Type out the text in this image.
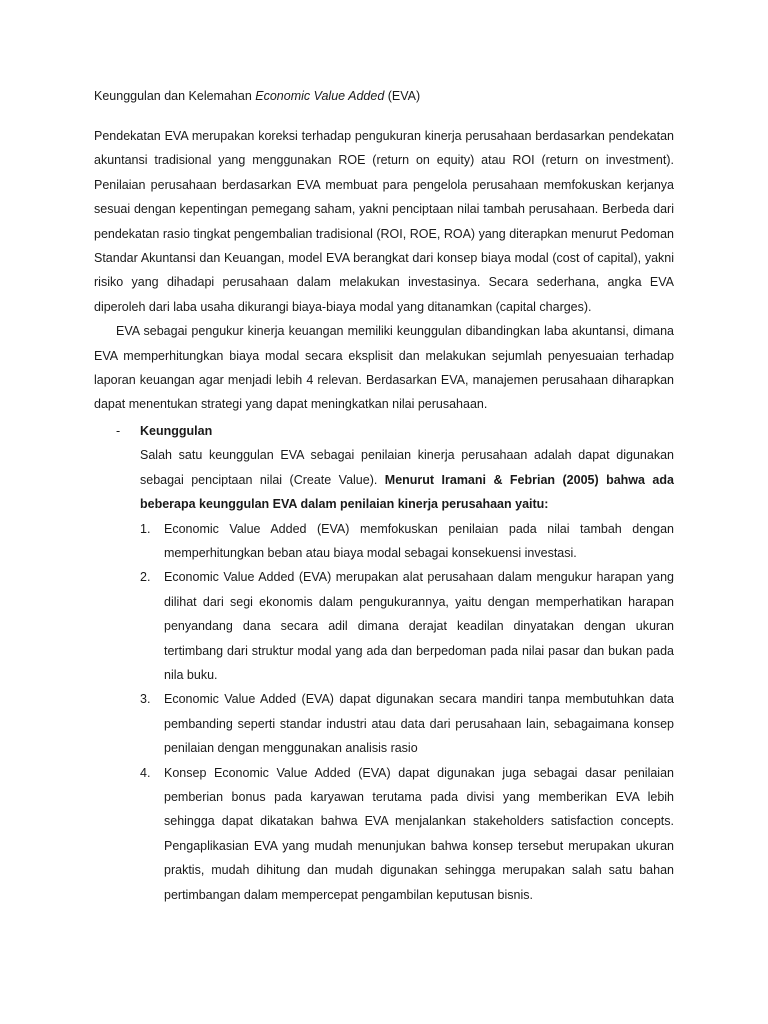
Keunggulan dan Kelemahan Economic Value Added (EVA)

Pendekatan EVA merupakan koreksi terhadap pengukuran kinerja perusahaan berdasarkan pendekatan akuntansi tradisional yang menggunakan ROE (return on equity) atau ROI (return on investment). Penilaian perusahaan berdasarkan EVA membuat para pengelola perusahaan memfokuskan kerjanya sesuai dengan kepentingan pemegang saham, yakni penciptaan nilai tambah perusahaan. Berbeda dari pendekatan rasio tingkat pengembalian tradisional (ROI, ROE, ROA) yang diterapkan menurut Pedoman Standar Akuntansi dan Keuangan, model EVA berangkat dari konsep biaya modal (cost of capital), yakni risiko yang dihadapi perusahaan dalam melakukan investasinya. Secara sederhana, angka EVA diperoleh dari laba usaha dikurangi biaya-biaya modal yang ditanamkan (capital charges).

EVA sebagai pengukur kinerja keuangan memiliki keunggulan dibandingkan laba akuntansi, dimana EVA memperhitungkan biaya modal secara eksplisit dan melakukan sejumlah penyesuaian terhadap laporan keuangan agar menjadi lebih 4 relevan. Berdasarkan EVA, manajemen perusahaan diharapkan dapat menentukan strategi yang dapat meningkatkan nilai perusahaan.

-	Keunggulan

Salah satu keunggulan EVA sebagai penilaian kinerja perusahaan adalah dapat digunakan sebagai penciptaan nilai (Create Value). Menurut Iramani & Febrian (2005) bahwa ada beberapa keunggulan EVA dalam penilaian kinerja perusahaan yaitu:

1.	Economic Value Added (EVA) memfokuskan penilaian pada nilai tambah dengan memperhitungkan beban atau biaya modal sebagai konsekuensi investasi.

2.	Economic Value Added (EVA) merupakan alat perusahaan dalam mengukur harapan yang dilihat dari segi ekonomis dalam pengukurannya, yaitu dengan memperhatikan harapan penyandang dana secara adil dimana derajat keadilan dinyatakan dengan ukuran tertimbang dari struktur modal yang ada dan berpedoman pada nilai pasar dan bukan pada nila buku.

3.	Economic Value Added (EVA) dapat digunakan secara mandiri tanpa membutuhkan data pembanding seperti standar industri atau data dari perusahaan lain, sebagaimana konsep penilaian dengan menggunakan analisis rasio

4.	Konsep Economic Value Added (EVA) dapat digunakan juga sebagai dasar penilaian pemberian bonus pada karyawan terutama pada divisi yang memberikan EVA lebih sehingga dapat dikatakan bahwa EVA menjalankan stakeholders satisfaction concepts. Pengaplikasian EVA yang mudah menunjukan bahwa konsep tersebut merupakan ukuran praktis, mudah dihitung dan mudah digunakan sehingga merupakan salah satu bahan pertimbangan dalam mempercepat pengambilan keputusan bisnis.
